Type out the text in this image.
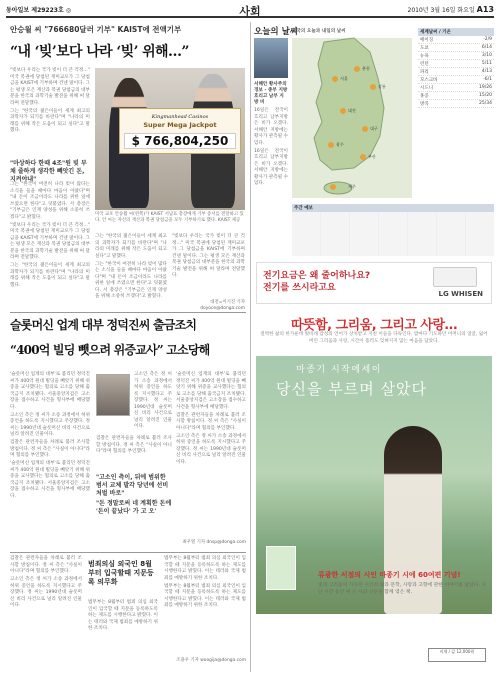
동아일보 제29223호 ◎	사회	2010년 3월 16일 화요일 A13
안승월 씨 "766680달러 기부" KAIST에 전액기부
“내 ‘빚’보다 나라 ‘빚’ 위해…”

"빚보다 우리는 국가 빚이 더 큰 걱정…" 미국 복권에 당첨된 재미교포가 그 당첨금을 KAIST에 기부하며 건넨 말이다. 그는 평생 모은 재산과 복권 당첨금의 대부분을 한국의 과학기술 발전을 위해 써 달라며 전달했다.

그는 "한국의 젊은이들이 세계 최고의 과학자가 되기를 바란다"며 "나라의 미래를 위해 작은 도움이 되고 싶다"고 말했다.

"마상하다 한때 4조"원 빚 부채 줄하게 생각한 빼앗긴 돈, 지켜야내"

그는 "한국이 여전히 나라 빚이 많다는 소식을 들을 때마다 마음이 아팠다"며 "내 돈이 조금이라도 나라를 위한 일에 쓰였으면 한다"고 덧붙였다. 서 총장은 "기부금은 인재 양성을 위해 소중히 쓰겠다"고 밝혔다.

"빚보다 우리는 국가 빚이 더 큰 걱정…" 미국 복권에 당첨된 재미교포가 그 당첨금을 KAIST에 기부하며 건넨 말이다. 그는 평생 모은 재산과 복권 당첨금의 대부분을 한국의 과학기술 발전을 위해 써 달라며 전달했다.

그는 "한국의 젊은이들이 세계 최고의 과학자가 되기를 바란다"며 "나라의 미래를 위해 작은 도움이 되고 싶다"고 말했다.

Kingmanhead Casinos
Super Mega Jackpot
$ 766,804,250
미국 교포 안승월 씨(왼쪽)가 KAIST 서남표 총장에게 기부 증서를 전달하고 있다. 안 씨는 자신의 재산과 복권 당첨금을 모두 기부하기로 했다. KAIST 제공

그는 "한국의 젊은이들이 세계 최고의 과학자가 되기를 바란다"며 "나라의 미래를 위해 작은 도움이 되고 싶다"고 말했다.

그는 "한국이 여전히 나라 빚이 많다는 소식을 들을 때마다 마음이 아팠다"며 "내 돈이 조금이라도 나라를 위한 일에 쓰였으면 한다"고 덧붙였다. 서 총장은 "기부금은 인재 양성을 위해 소중히 쓰겠다"고 밝혔다.

"빚보다 우리는 국가 빚이 더 큰 걱정…" 미국 복권에 당첨된 재미교포가 그 당첨금을 KAIST에 기부하며 건넨 말이다. 그는 평생 모은 재산과 복권 당첨금의 대부분을 한국의 과학기술 발전을 위해 써 달라며 전달했다.

대전=이기진 기자 doyoce@donga.com
슬롯머신 업계 대부 정덕진씨 출금조치
“400억 빌딩 뺏으려 위증교사” 고소당해

'슬롯머신 업계의 대부'로 불리던 정덕진 씨가 400억 원대 빌딩을 빼앗기 위해 위증을 교사했다는 혐의로 고소를 당해 출국금지 조치됐다. 서울중앙지검은 고소장을 접수하고 사건을 형사부에 배당했다.

고소인 측은 정 씨가 소송 과정에서 허위 증언을 하도록 지시했다고 주장했다. 정 씨는 1990년대 슬롯머신 비리 사건으로 널리 알려진 인물이다.

검찰은 관련자들을 차례로 불러 조사할 방침이다. 정 씨 측은 "사실이 아니다"라며 혐의를 부인했다.

'슬롯머신 업계의 대부'로 불리던 정덕진 씨가 400억 원대 빌딩을 빼앗기 위해 위증을 교사했다는 혐의로 고소를 당해 출국금지 조치됐다. 서울중앙지검은 고소장을 접수하고 사건을 형사부에 배당했다.

고소인 측은 정 씨가 소송 과정에서 허위 증언을 하도록 지시했다고 주장했다. 정 씨는 1990년대 슬롯머신 비리 사건으로 널리 알려진 인물이다.

검찰은 관련자들을 차례로 불러 조사할 방침이다. 정 씨 측은 "사실이 아니다"라며 혐의를 부인했다.

"고소인 측이, 뒤에 범위한 범서 교체 발각 당년에 선비 처벌 바로"
"돈 정말로써 네 계획한 돈에 '돈이 끝났다' 가 고 오'

'슬롯머신 업계의 대부'로 불리던 정덕진 씨가 400억 원대 빌딩을 빼앗기 위해 위증을 교사했다는 혐의로 고소를 당해 출국금지 조치됐다. 서울중앙지검은 고소장을 접수하고 사건을 형사부에 배당했다.

검찰은 관련자들을 차례로 불러 조사할 방침이다. 정 씨 측은 "사실이 아니다"라며 혐의를 부인했다.

고소인 측은 정 씨가 소송 과정에서 허위 증언을 하도록 지시했다고 주장했다. 정 씨는 1990년대 슬롯머신 비리 사건으로 널리 알려진 인물이다.

최우열 기자 dnsp@donga.com

검찰은 관련자들을 차례로 불러 조사할 방침이다. 정 씨 측은 "사실이 아니다"라며 혐의를 부인했다.

고소인 측은 정 씨가 소송 과정에서 허위 증언을 하도록 지시했다고 주장했다. 정 씨는 1990년대 슬롯머신 비리 사건으로 널리 알려진 인물이다.

범죄의심 외국인 8월부터 입국할때 지문등록 의무화

법무부는 8월부터 범죄 의심 외국인이 입국할 때 지문을 등록하도록 하는 제도를 시행한다고 밝혔다. 이는 테러와 국제 범죄를 예방하기 위한 조치다.

법무부는 8월부터 범죄 의심 외국인이 입국할 때 지문을 등록하도록 하는 제도를 시행한다고 밝혔다. 이는 테러와 국제 범죄를 예방하기 위한 조치다.

법무부는 8월부터 범죄 의심 외국인이 입국할 때 지문을 등록하도록 하는 제도를 시행한다고 밝혔다. 이는 테러와 국제 범죄를 예방하기 위한 조치다.

조용우 기자 woogija@donga.com
오늘의 날씨
서해안 황사주의 경보 - 중부 지방 흐리고 남부 지방 비

16일은 전국이 흐리고 남부지방은 비가 오겠다. 서해안 지방에는 황사가 관측될 수 있다.

16일은 전국이 흐리고 남부지방은 비가 오겠다. 서해안 지방에는 황사가 관측될 수 있다.

전국의 오늘과 내일의 날씨
서울
춘천
강릉
대전
대구
광주
부산
제주
세계날씨 / 기온
베이징	-2/9
도쿄	6/14
뉴욕	3/10
런던	5/11
파리	4/13
모스크바	-6/1
시드니	19/26
홍콩	15/20
방콕	25/34
주간 예보
전기요금은 왜 줄어하나요?
전기를 쓰시라고요
LG WHISEN
따뜻함, 그리움, 그리고 사랑…
절박한 삶의 한가운데 빛바래 감성의 언어가 상처받고 지친 이들을 다독인다. 밤마다 기도하던 어머니의 얼굴, 잃어버린 그리움과 사랑, 시간이 흘러도 잊혀지지 않는 마음을 담았다.
마종기 시작에세이
당신을 부르며 살았다
류광한 서점의 시인 마종기 시에 60여편 기념!
빛과 그리움이 가득한 시인의 삶과 문학, 사랑과 고향에 관한 이야기를 담았다. 지난 시간 동안 써 온 시와 산문을 함께 엮은 책.
비채 / 값 12,000원
